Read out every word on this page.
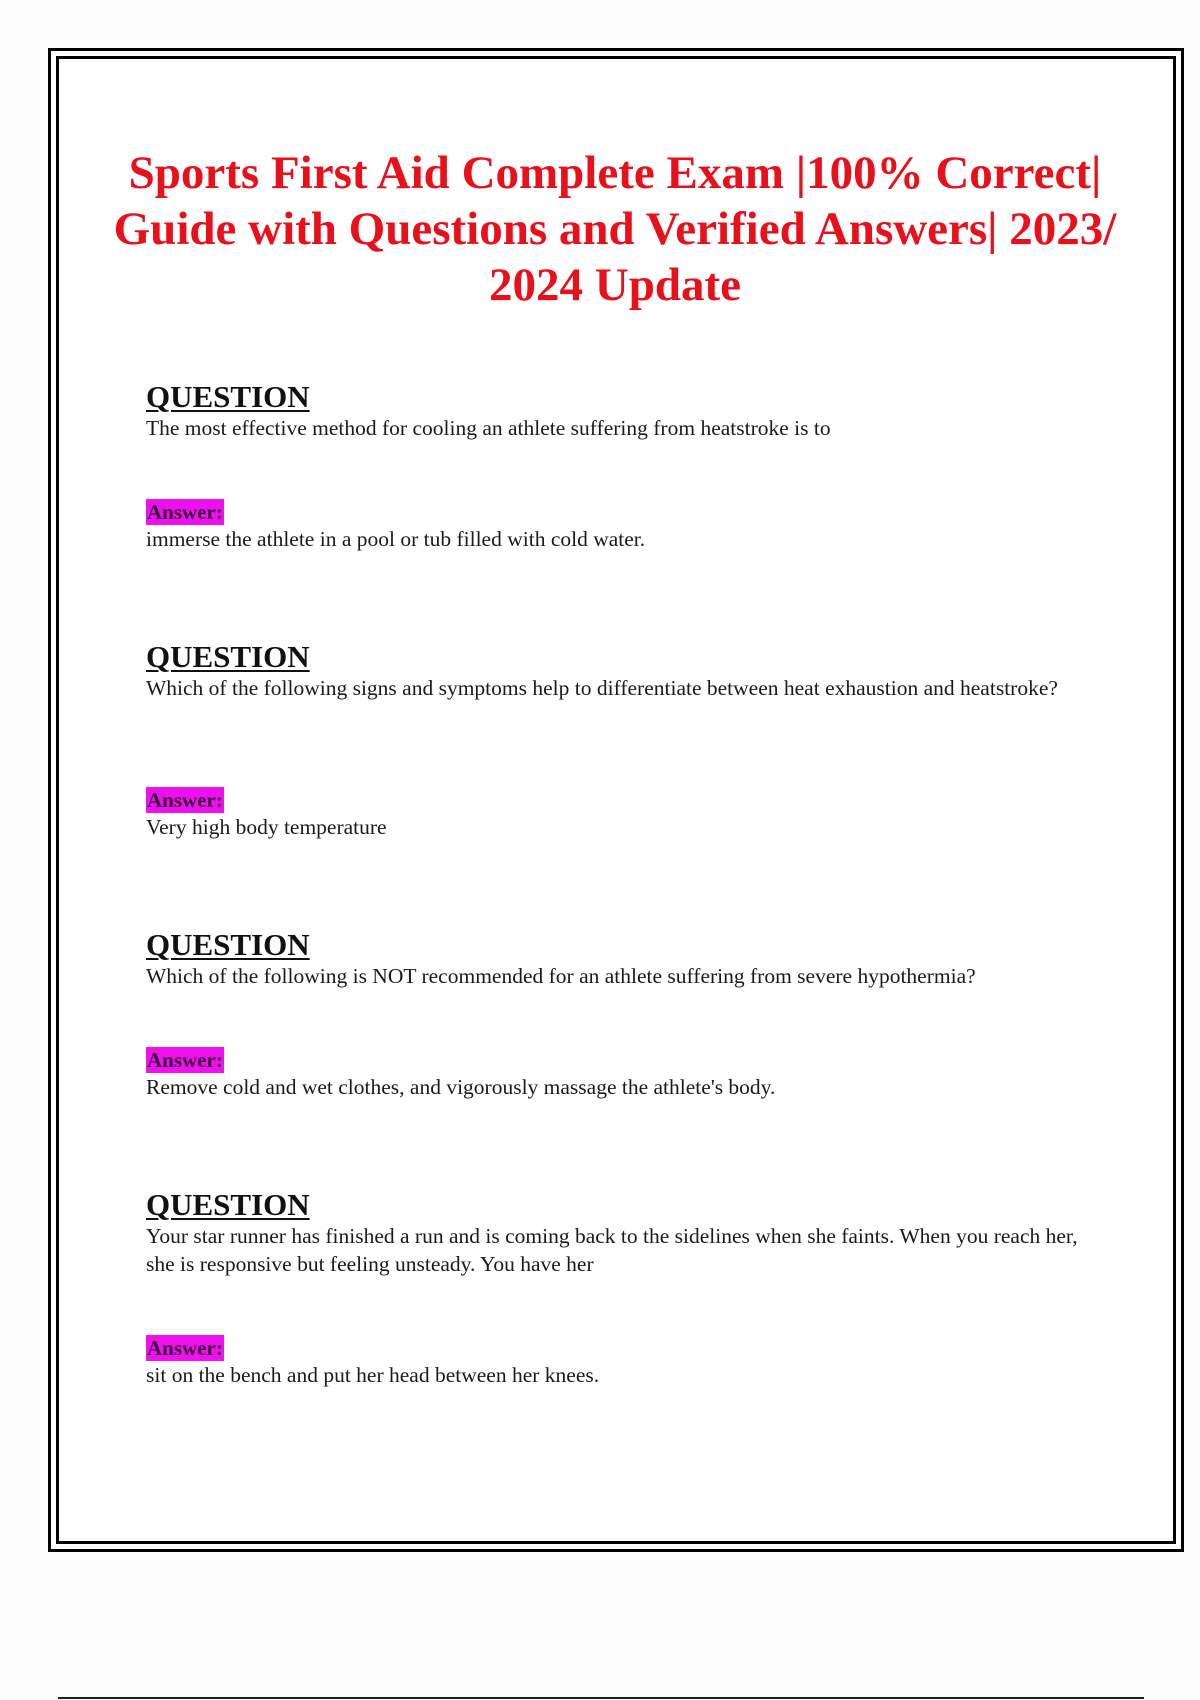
Sports First Aid Complete Exam |100% Correct| Guide with Questions and Verified Answers| 2023/ 2024 Update
QUESTION

The most effective method for cooling an athlete suffering from heatstroke is to

Answer:

immerse the athlete in a pool or tub filled with cold water.

QUESTION

Which of the following signs and symptoms help to differentiate between heat exhaustion and heatstroke?

Answer:

Very high body temperature

QUESTION

Which of the following is NOT recommended for an athlete suffering from severe hypothermia?

Answer:

Remove cold and wet clothes, and vigorously massage the athlete's body.

QUESTION

Your star runner has finished a run and is coming back to the sidelines when she faints. When you reach her, she is responsive but feeling unsteady. You have her

Answer:

sit on the bench and put her head between her knees.
